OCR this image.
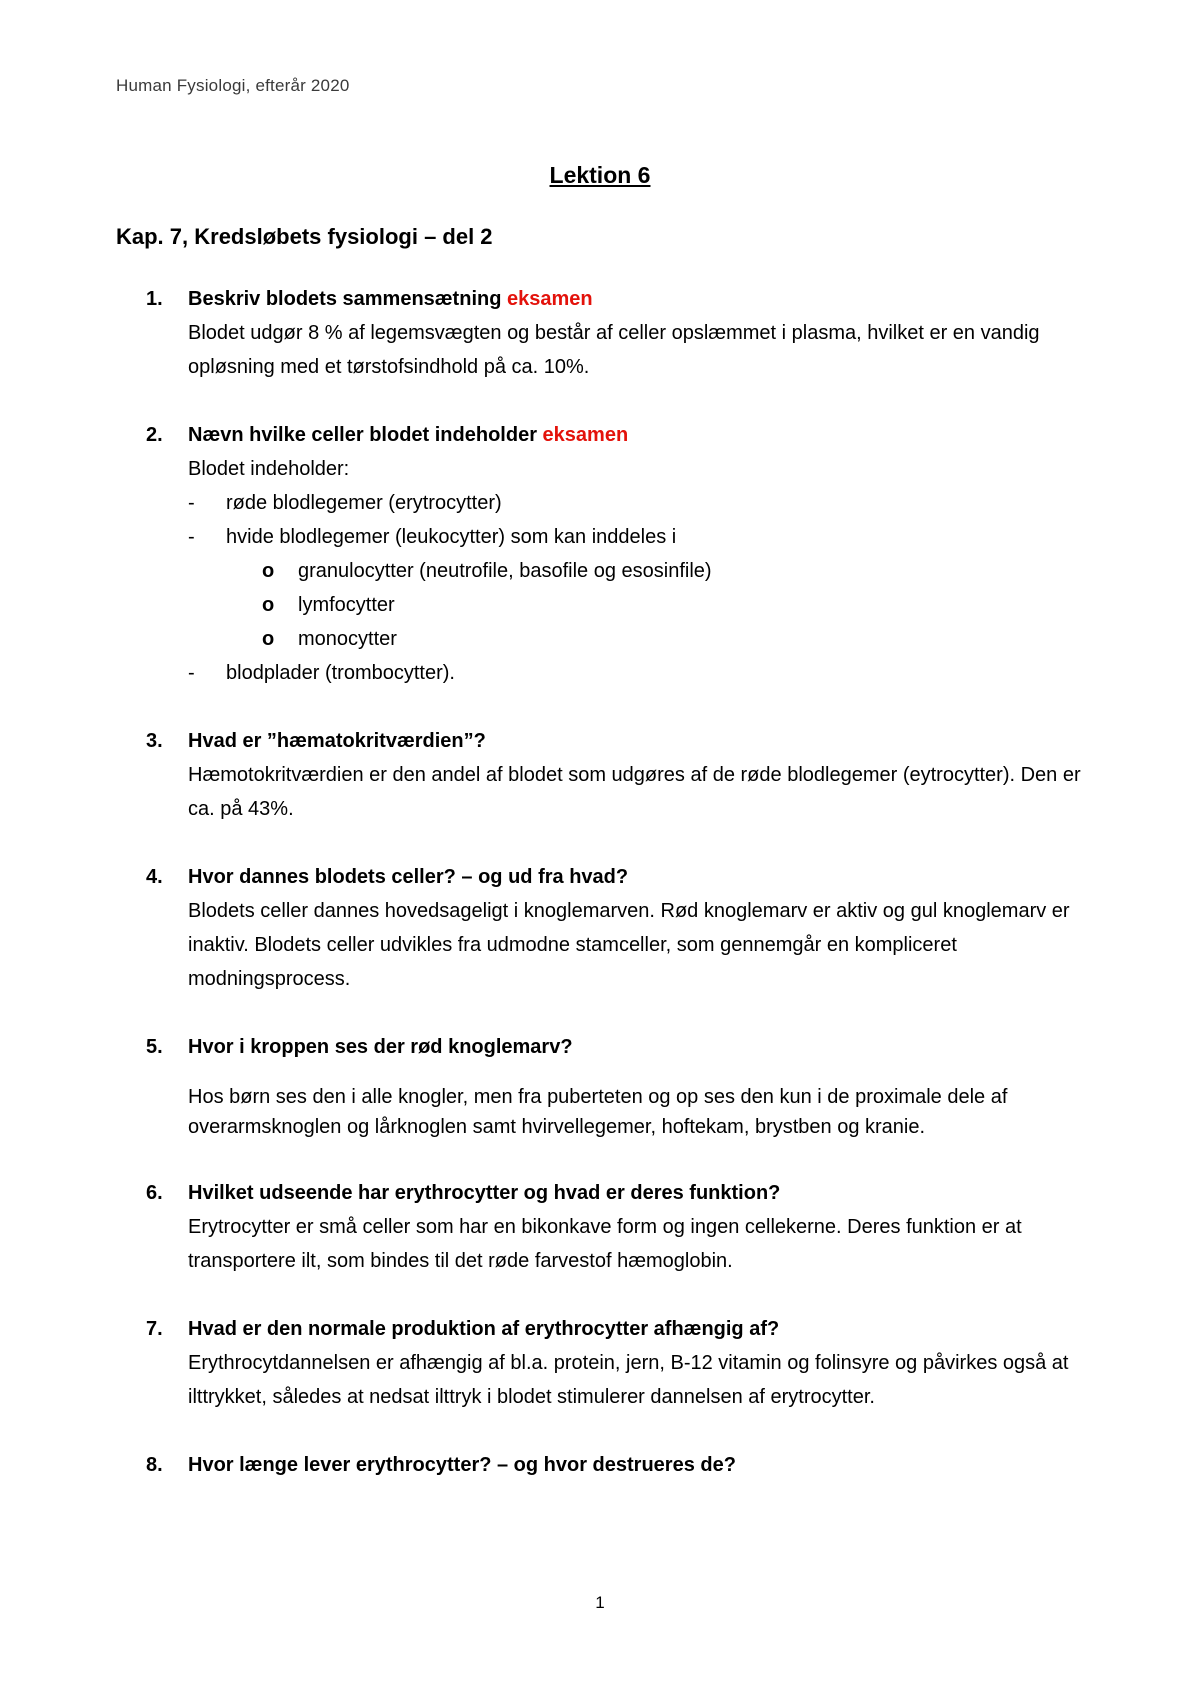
Human Fysiologi, efterår 2020
Lektion 6
Kap. 7, Kredsløbets fysiologi – del 2
1. Beskriv blodets sammensætning eksamen
Blodet udgør 8 % af legemsvægten og består af celler opslæmmet i plasma, hvilket er en vandig opløsning med et tørstofsindhold på ca. 10%.
2. Nævn hvilke celler blodet indeholder eksamen
Blodet indeholder:
- røde blodlegemer (erytrocytter)
- hvide blodlegemer (leukocytter) som kan inddeles i
o granulocytter (neutrofile, basofile og esosinfile)
o lymfocytter
o monocytter
- blodplader (trombocytter).
3. Hvad er ”hæmatokritværdien”?
Hæmotokritværdien er den andel af blodet som udgøres af de røde blodlegemer (eytrocytter). Den er ca. på 43%.
4. Hvor dannes blodets celler? – og ud fra hvad?
Blodets celler dannes hovedsageligt i knoglemarven. Rød knoglemarv er aktiv og gul knoglemarv er inaktiv. Blodets celler udvikles fra udmodne stamceller, som gennemgår en kompliceret modningsprocess.
5. Hvor i kroppen ses der rød knoglemarv?
Hos børn ses den i alle knogler, men fra puberteten og op ses den kun i de proximale dele af overarmsknoglen og lårknoglen samt hvirvellegemer, hoftekam, brystben og kranie.
6. Hvilket udseende har erythrocytter og hvad er deres funktion?
Erytrocytter er små celler som har en bikonkave form og ingen cellekerne. Deres funktion er at transportere ilt, som bindes til det røde farvestof hæmoglobin.
7. Hvad er den normale produktion af erythrocytter afhængig af?
Erythrocytdannelsen er afhængig af bl.a. protein, jern, B-12 vitamin og folinsyre og påvirkes også at ilttrykket, således at nedsat ilttryk i blodet stimulerer dannelsen af erytrocytter.
8. Hvor længe lever erythrocytter? – og hvor destrueres de?
1
